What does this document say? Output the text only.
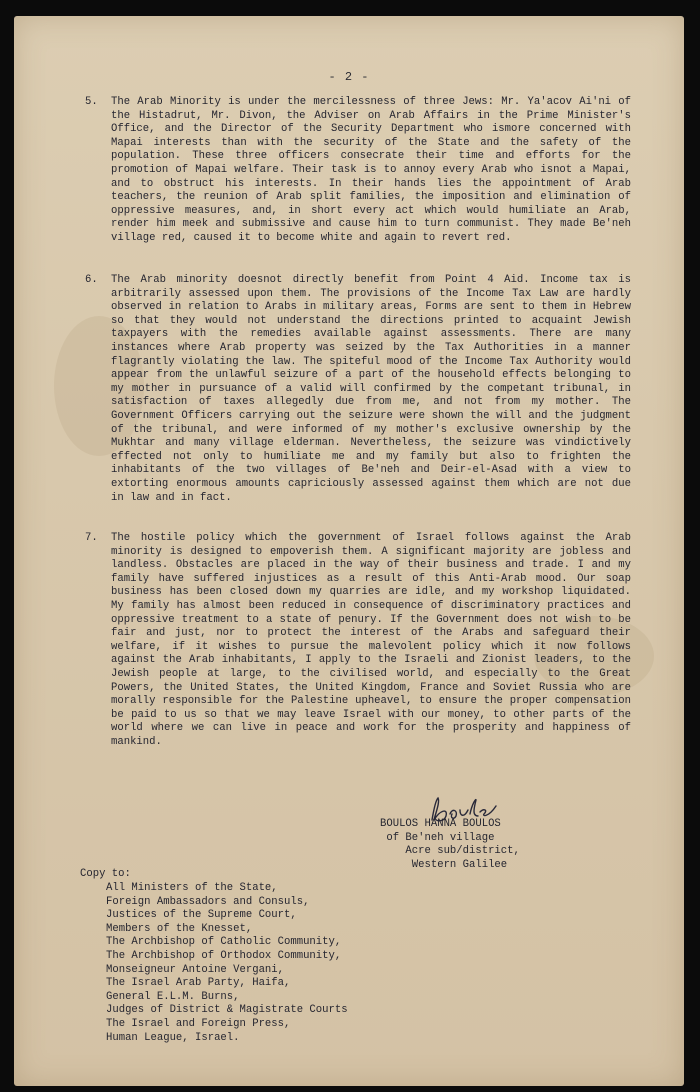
- 2 -

5. The Arab Minority is under the mercilessness of three Jews: Mr. Ya'acov Ai'ni of the Histadrut, Mr. Divon, the Adviser on Arab Affairs in the Prime Minister's Office, and the Director of the Security Department who ismore concerned with Mapai interests than with the security of the State and the safety of the population. These three officers consecrate their time and efforts for the promotion of Mapai welfare. Their task is to annoy every Arab who isnot a Mapai, and to obstruct his interests. In their hands lies the appointment of Arab teachers, the reunion of Arab split families, the imposition and elimination of oppressive measures, and, in short every act which would humiliate an Arab, render him meek and submissive and cause him to turn communist. They made Be'neh village red, caused it to become white and again to revert red.

6. The Arab minority doesnot directly benefit from Point 4 Aid. Income tax is arbitrarily assessed upon them. The provisions of the Income Tax Law are hardly observed in relation to Arabs in military areas, Forms are sent to them in Hebrew so that they would not understand the directions printed to acquaint Jewish taxpayers with the remedies available against assessments. There are many instances where Arab property was seized by the Tax Authorities in a manner flagrantly violating the law. The spiteful mood of the Income Tax Authority would appear from the unlawful seizure of a part of the household effects belonging to my mother in pursuance of a valid will confirmed by the competant tribunal, in satisfaction of taxes allegedly due from me, and not from my mother. The Government Officers carrying out the seizure were shown the will and the judgment of the tribunal, and were informed of my mother's exclusive ownership by the Mukhtar and many village elderman. Nevertheless, the seizure was vindictively effected not only to humiliate me and my family but also to frighten the inhabitants of the two villages of Be'neh and Deir-el-Asad with a view to extorting enormous amounts capriciously assessed against them which are not due in law and in fact.

7. The hostile policy which the government of Israel follows against the Arab minority is designed to empoverish them. A significant majority are jobless and landless. Obstacles are placed in the way of their business and trade. I and my family have suffered injustices as a result of this Anti-Arab mood. Our soap business has been closed down my quarries are idle, and my workshop liquidated. My family has almost been reduced in consequence of discriminatory practices and oppressive treatment to a state of penury. If the Government does not wish to be fair and just, nor to protect the interest of the Arabs and safeguard their welfare, if it wishes to pursue the malevolent policy which it now follows against the Arab inhabitants, I apply to the Israeli and Zionist leaders, to the Jewish people at large, to the civilised world, and especially to the Great Powers, the United States, the United Kingdom, France and Soviet Russia who are morally responsible for the Palestine upheavel, to ensure the proper compensation be paid to us so that we may leave Israel with our money, to other parts of the world where we can live in peace and work for the prosperity and happiness of mankind.

BOULOS HANNA BOULOS
of Be'neh village
Acre sub/district,
Western Galilee
Copy to:
All Ministers of the State,
Foreign Ambassadors and Consuls,
Justices of the Supreme Court,
Members of the Knesset,
The Archbishop of Catholic Community,
The Archbishop of Orthodox Community,
Monseigneur Antoine Vergani,
The Israel Arab Party, Haifa,
General E.L.M. Burns,
Judges of District & Magistrate Courts
The Israel and Foreign Press,
Human League, Israel.
